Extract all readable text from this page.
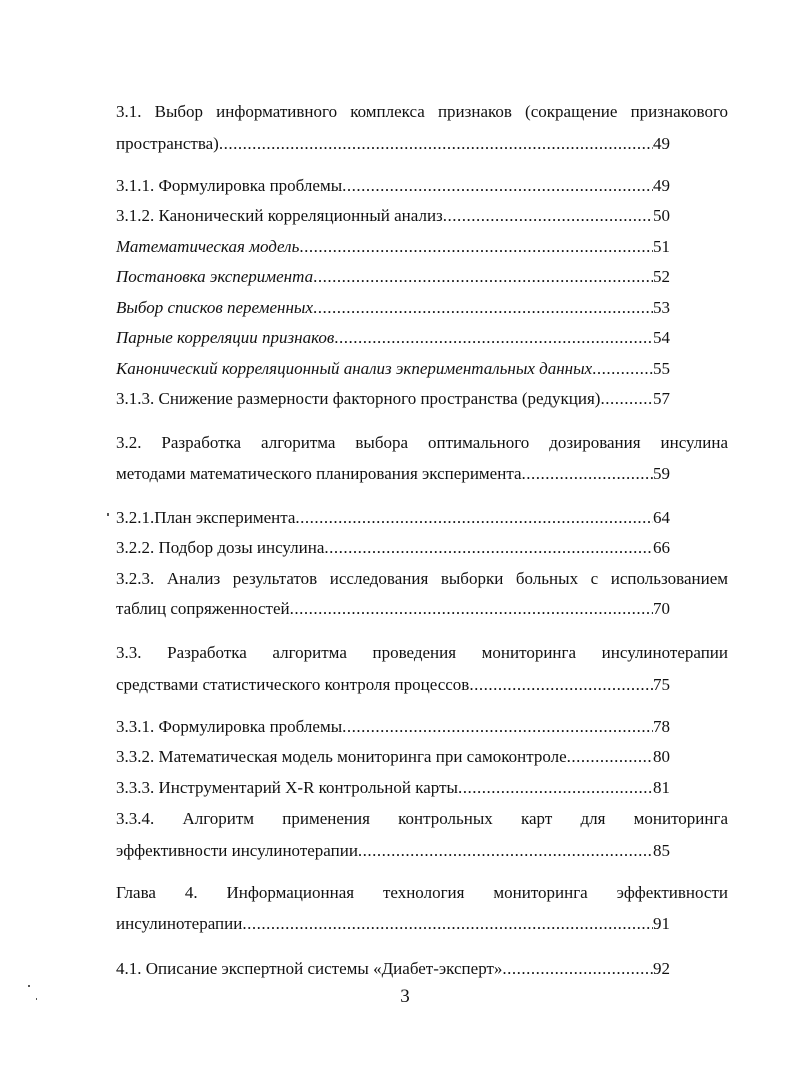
3.1. Выбор информативного комплекса признаков (сокращение признакового
пространства) .....	49
3.1.1. Формулировка проблемы .....	49
3.1.2. Канонический корреляционный анализ .....	50
Математическая модель .....	51
Постановка эксперимента .....	52
Выбор списков переменных .....	53
Парные корреляции признаков .....	54
Канонический корреляционный анализ экпериментальных данных .....	55
3.1.3. Снижение размерности факторного пространства (редукция) .....	57
3.2. Разработка алгоритма выбора оптимального дозирования инсулина
методами математического планирования эксперимента .....	59
3.2.1.План эксперимента .....	64
3.2.2. Подбор дозы инсулина .....	66
3.2.3. Анализ результатов исследования выборки больных с использованием
таблиц сопряженностей .....	70
3.3. Разработка алгоритма проведения мониторинга инсулинотерапии
средствами статистического контроля процессов .....	75
3.3.1. Формулировка проблемы .....	78
3.3.2. Математическая модель мониторинга при самоконтроле .....	80
3.3.3. Инструментарий X-R контрольной карты .....	81
3.3.4. Алгоритм применения контрольных карт для мониторинга
эффективности инсулинотерапии .....	85
Глава 4. Информационная технология мониторинга эффективности
инсулинотерапии .....	91
4.1. Описание экспертной системы «Диабет-эксперт» .....	92
3
